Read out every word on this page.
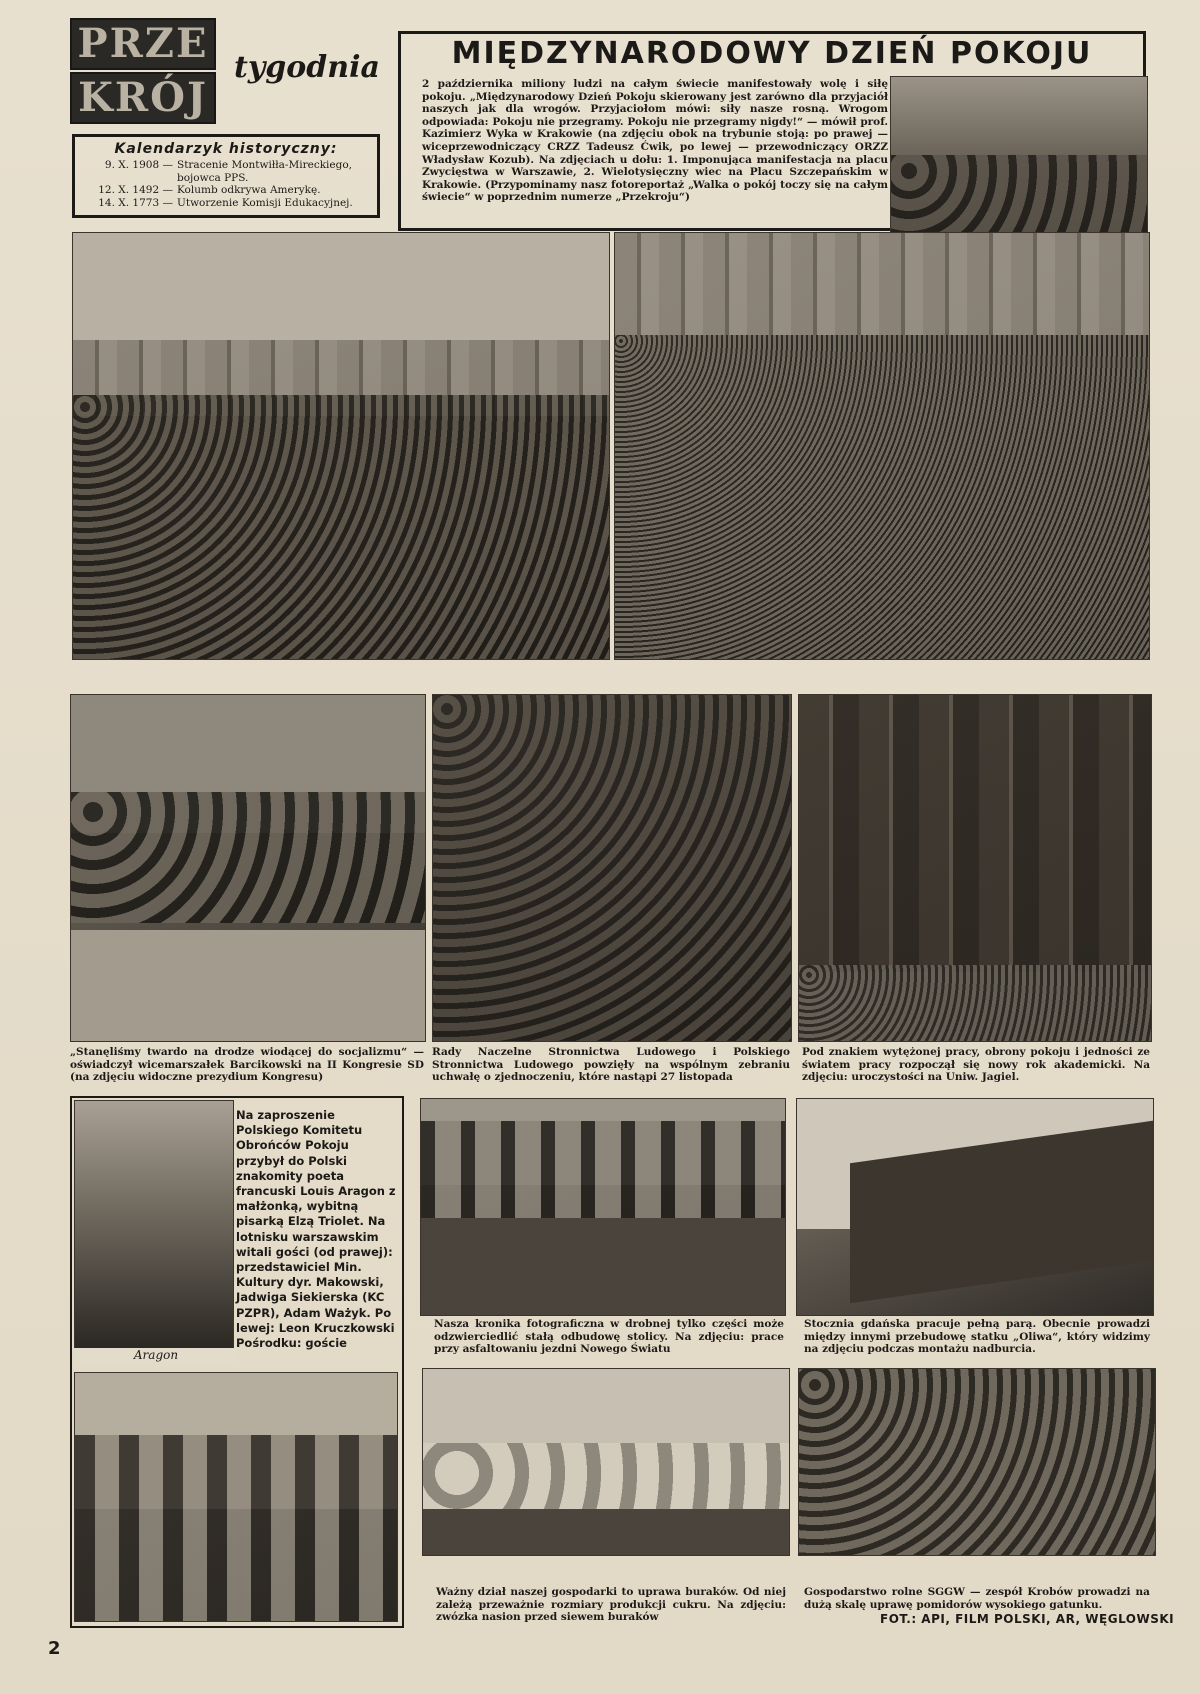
PRZE
KRÓJ
tygodnia
Kalendarzyk historyczny:
9. X. 1908 — Stracenie Montwiłła-Mireckiego, bojowca PPS.
12. X. 1492 — Kolumb odkrywa Amerykę.
14. X. 1773 — Utworzenie Komisji Edukacyjnej.
MIĘDZYNARODOWY DZIEŃ POKOJU
2 października miliony ludzi na całym świecie manifestowały wolę i siłę pokoju. „Międzynarodowy Dzień Pokoju skierowany jest zarówno dla przyjaciół naszych jak dla wrogów. Przyjaciołom mówi: siły nasze rosną. Wrogom odpowiada: Pokoju nie przegramy. Pokoju nie przegramy nigdy!“ — mówił prof. Kazimierz Wyka w Krakowie (na zdjęciu obok na trybunie stoją: po prawej — wiceprzewodniczący CRZZ Tadeusz Ćwik, po lewej — przewodniczący ORZZ Władysław Kozub). Na zdjęciach u dołu: 1. Imponująca manifestacja na placu Zwycięstwa w Warszawie, 2. Wielotysięczny wiec na Placu Szczepańskim w Krakowie. (Przypominamy nasz fotoreportaż „Walka o pokój toczy się na całym świecie“ w poprzednim numerze „Przekroju“)
„Stanęliśmy twardo na drodze wiodącej do socjalizmu“ — oświadczył wicemarszałek Barcikowski na II Kongresie SD (na zdjęciu widoczne prezydium Kongresu)
Rady Naczelne Stronnictwa Ludowego i Polskiego Stronnictwa Ludowego powzięły na wspólnym zebraniu uchwałę o zjednoczeniu, które nastąpi 27 listopada
Pod znakiem wytężonej pracy, obrony pokoju i jedności ze światem pracy rozpoczął się nowy rok akademicki. Na zdjęciu: uroczystości na Uniw. Jagiel.
Aragon
Na zaproszenie Polskiego Komitetu Obrońców Pokoju przybył do Polski znakomity poeta francuski Louis Aragon z małżonką, wybitną pisarką Elzą Triolet. Na lotnisku warszawskim witali gości (od prawej): przedstawiciel Min. Kultury dyr. Makowski, Jadwiga Siekierska (KC PZPR), Adam Ważyk. Po lewej: Leon Kruczkowski Pośrodku: goście
Nasza kronika fotograficzna w drobnej tylko części może odzwierciedlić stałą odbudowę stolicy. Na zdjęciu: prace przy asfaltowaniu jezdni Nowego Światu
Stocznia gdańska pracuje pełną parą. Obecnie prowadzi między innymi przebudowę statku „Oliwa“, który widzimy na zdjęciu podczas montażu nadburcia.
Ważny dział naszej gospodarki to uprawa buraków. Od niej zależą przeważnie rozmiary produkcji cukru. Na zdjęciu: zwózka nasion przed siewem buraków
Gospodarstwo rolne SGGW — zespół Krobów prowadzi na dużą skalę uprawę pomidorów wysokiego gatunku.
FOT.: API, FILM POLSKI, AR, WĘGLOWSKI
2
